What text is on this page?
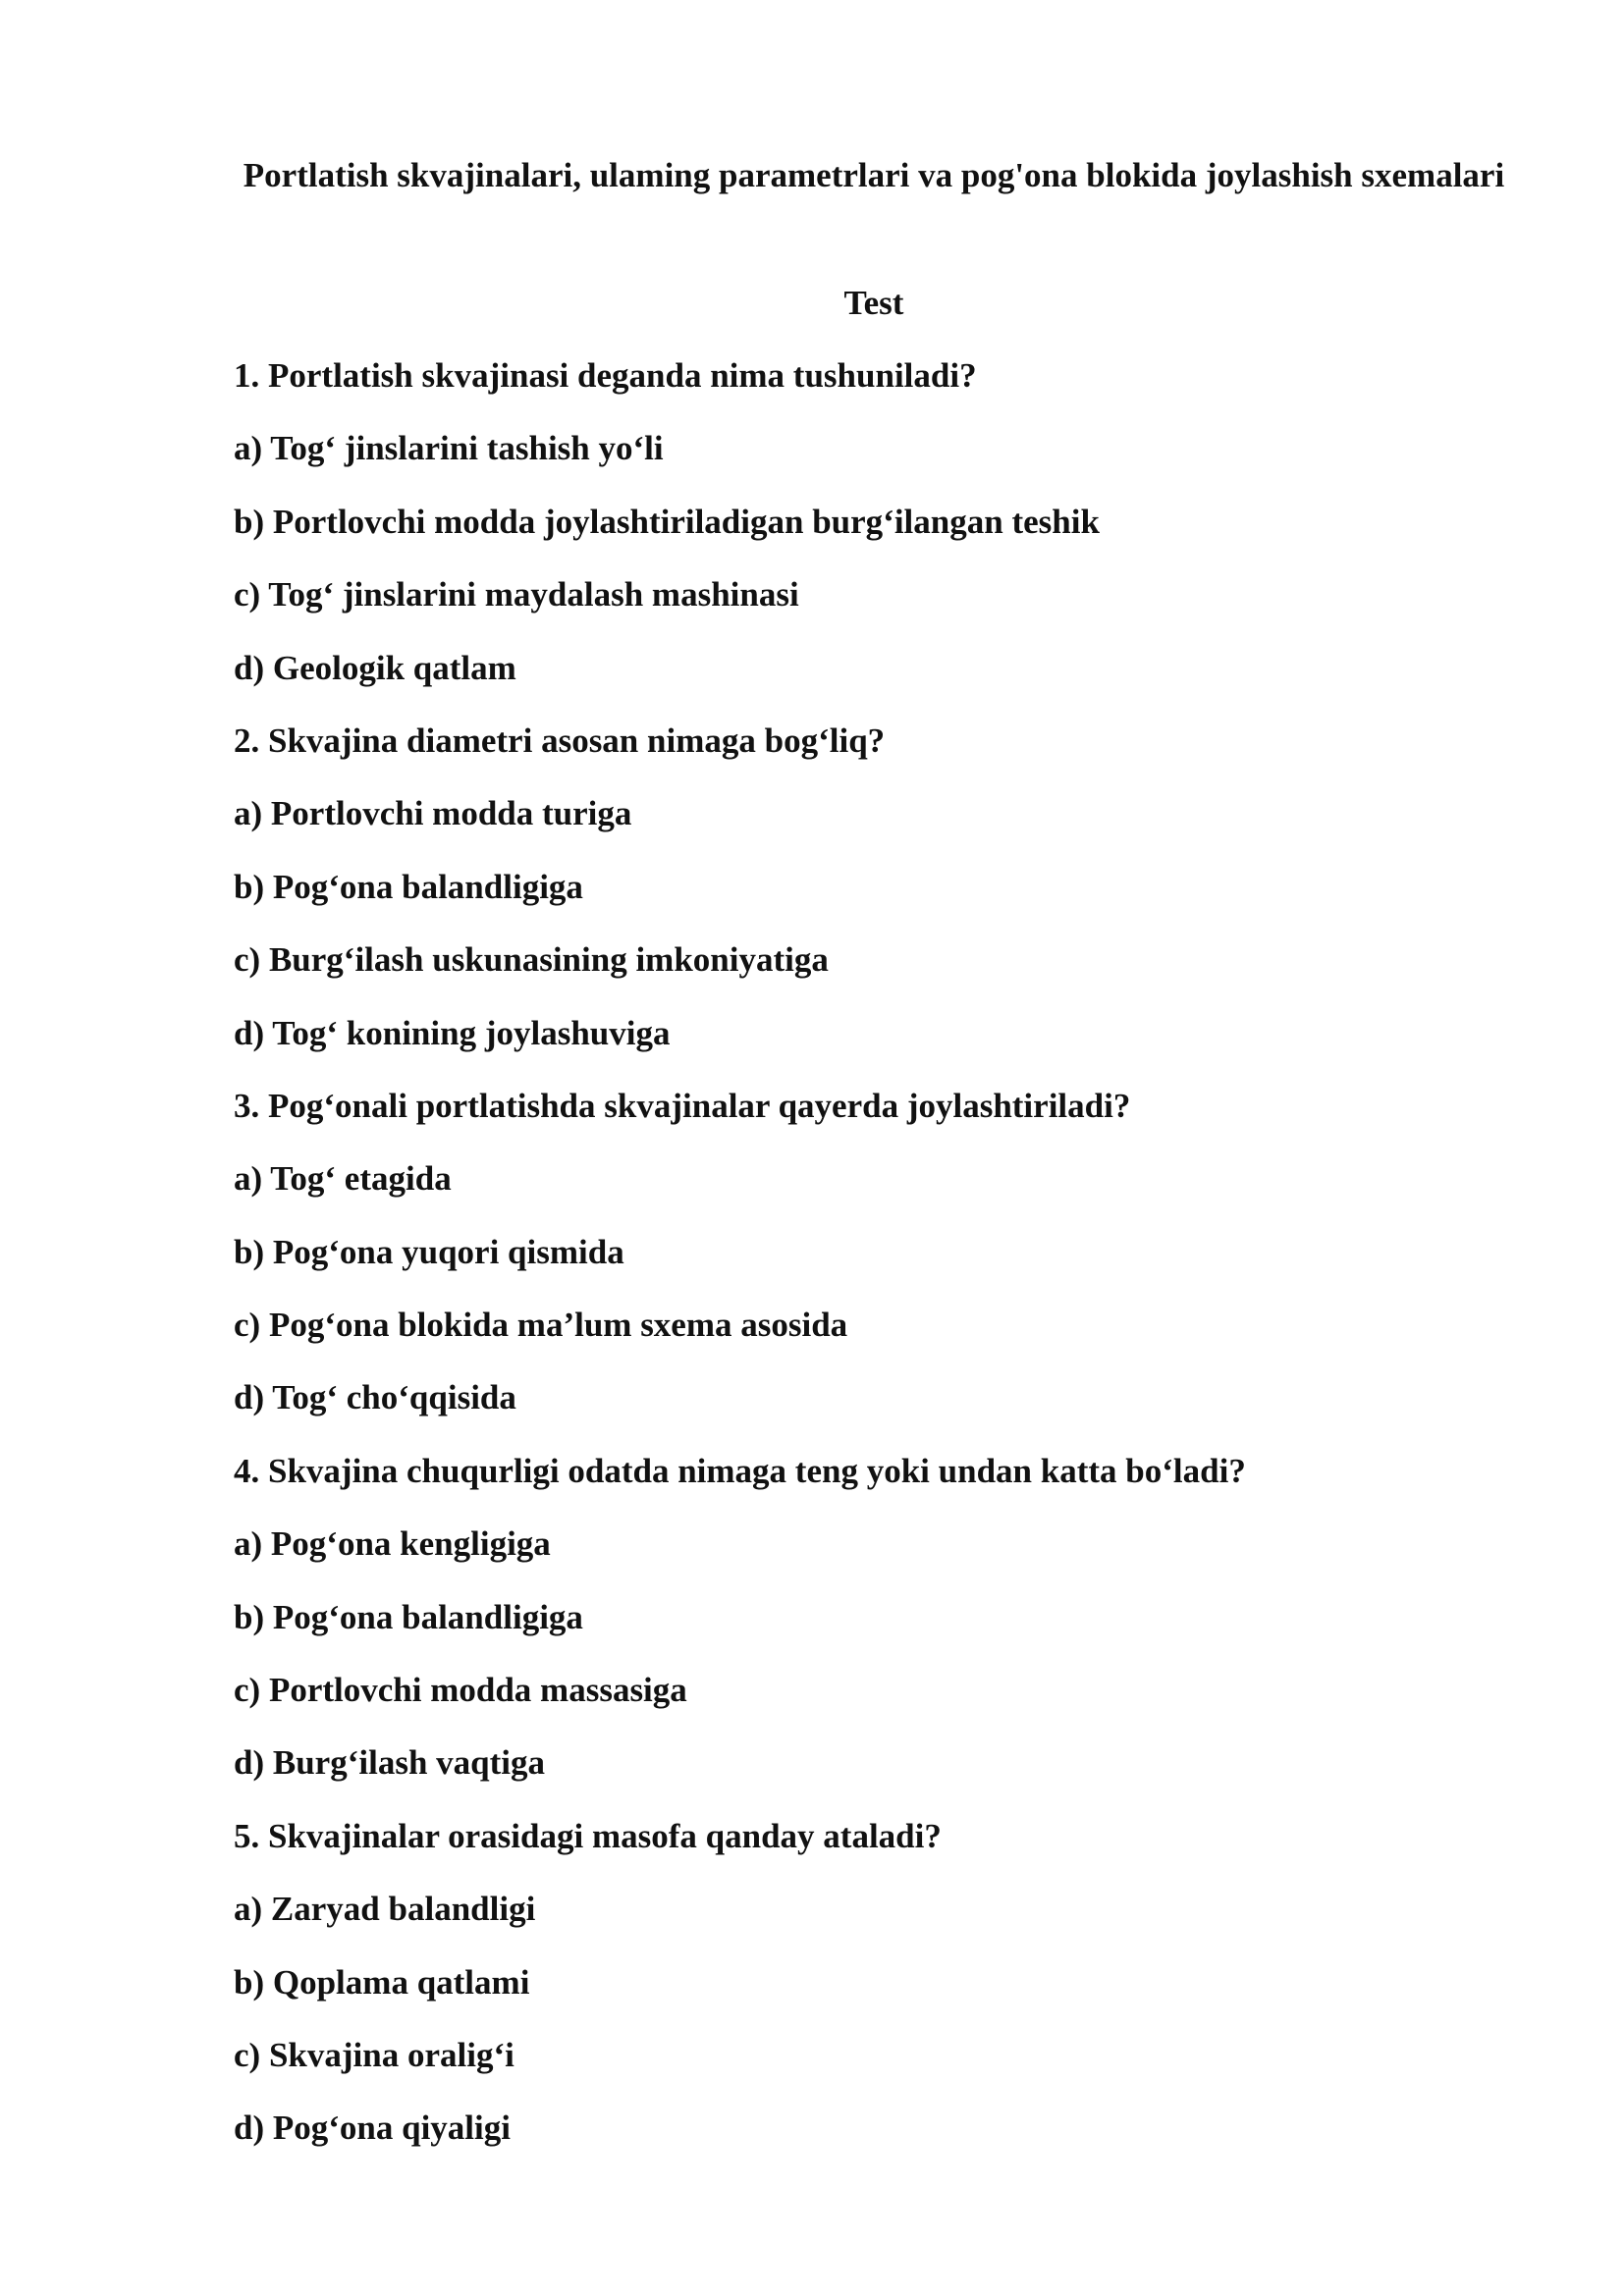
Portlatish skvajinalari, ulaming parametrlari va pog'ona blokida joylashish sxemalari
Test
1. Portlatish skvajinasi deganda nima tushuniladi?
a) Tog‘ jinslarini tashish yo‘li
b) Portlovchi modda joylashtiriladigan burg‘ilangan teshik
c) Tog‘ jinslarini maydalash mashinasi
d) Geologik qatlam
2. Skvajina diametri asosan nimaga bog‘liq?
a) Portlovchi modda turiga
b) Pog‘ona balandligiga
c) Burg‘ilash uskunasining imkoniyatiga
d) Tog‘ konining joylashuviga
3. Pog‘onali portlatishda skvajinalar qayerda joylashtiriladi?
a) Tog‘ etagida
b) Pog‘ona yuqori qismida
c) Pog‘ona blokida ma’lum sxema asosida
d) Tog‘ cho‘qqisida
4. Skvajina chuqurligi odatda nimaga teng yoki undan katta bo‘ladi?
a) Pog‘ona kengligiga
b) Pog‘ona balandligiga
c) Portlovchi modda massasiga
d) Burg‘ilash vaqtiga
5. Skvajinalar orasidagi masofa qanday ataladi?
a) Zaryad balandligi
b) Qoplama qatlami
c) Skvajina oralig‘i
d) Pog‘ona qiyaligi
